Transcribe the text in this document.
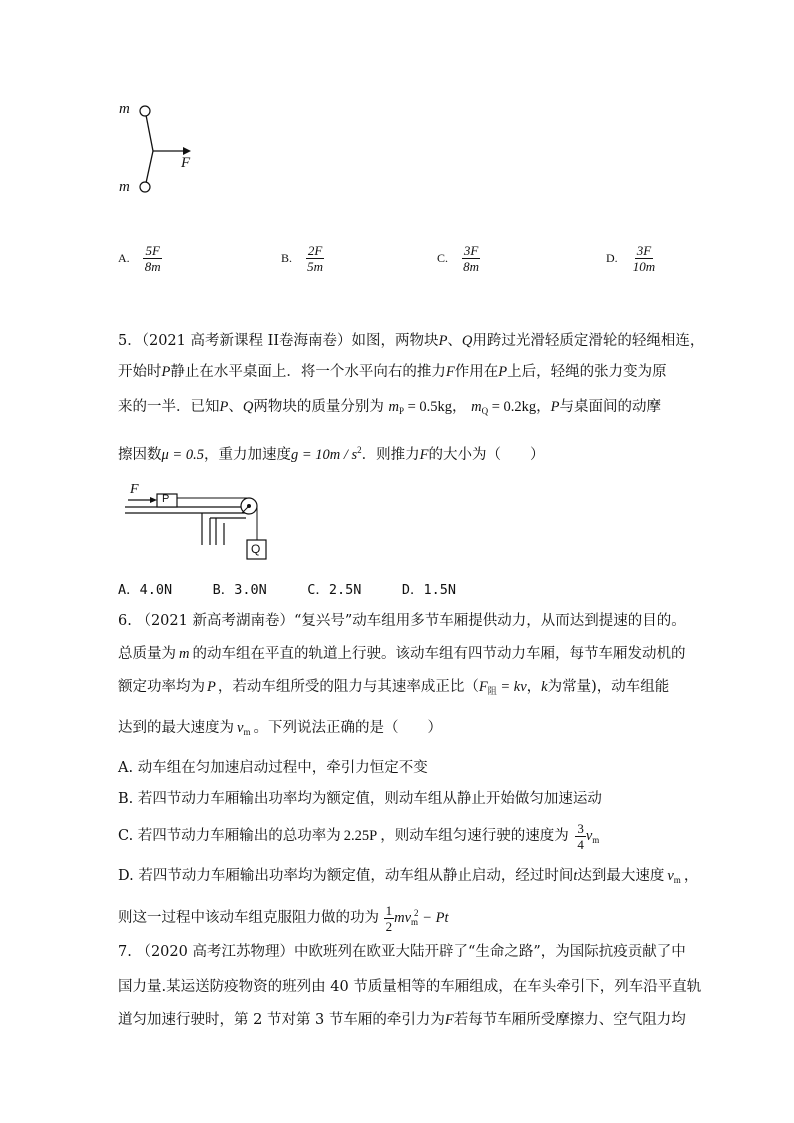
m
m
F
A. $\frac{5F}{8m}$	B. $\frac{2F}{5m}$	C. $\frac{3F}{8m}$	D. $\frac{3F}{10m}$
5．（2021 高考新课程 II卷海南卷）如图，两物块P、Q用跨过光滑轻质定滑轮的轻绳相连，
开始时P静止在水平桌面上．将一个水平向右的推力F作用在P上后，轻绳的张力变为原
来的一半．已知P、Q两物块的质量分别为 $m_P = 0.5kg$， $m_Q = 0.2kg$，P与桌面间的动摩
擦因数μ = 0.5，重力加速度$g = 10m / s^2$．则推力F的大小为（　　）
F
P
Q
A．4.0N　　　B．3.0N　　　C．2.5N　　　D．1.5N
6. （2021 新高考湖南卷）“复兴号”动车组用多节车厢提供动力，从而达到提速的目的。
总质量为 m 的动车组在平直的轨道上行驶。该动车组有四节动力车厢，每节车厢发动机的
额定功率均为 P ，若动车组所受的阻力与其速率成正比（$F_阻$ = kv，k为常量)，动车组能
达到的最大速度为 $v_m$ 。下列说法正确的是（　　）
A. 动车组在匀加速启动过程中，牵引力恒定不变
B. 若四节动力车厢输出功率均为额定值，则动车组从静止开始做匀加速运动
C. 若四节动力车厢输出的总功率为 2.25P ，则动车组匀速行驶的速度为 $\frac{3}{4} v_m$
D. 若四节动力车厢输出功率均为额定值，动车组从静止启动，经过时间t达到最大速度 $v_m$ ，
则这一过程中该动车组克服阻力做的功为 $\frac{1}{2} mv_m^2 - Pt$
7. （2020 高考江苏物理）中欧班列在欧亚大陆开辟了“生命之路”，为国际抗疫贡献了中
国力量.某运送防疫物资的班列由 40 节质量相等的车厢组成，在车头牵引下，列车沿平直轨
道匀加速行驶时，第 2 节对第 3 节车厢的牵引力为F若每节车厢所受摩擦力、空气阻力均
